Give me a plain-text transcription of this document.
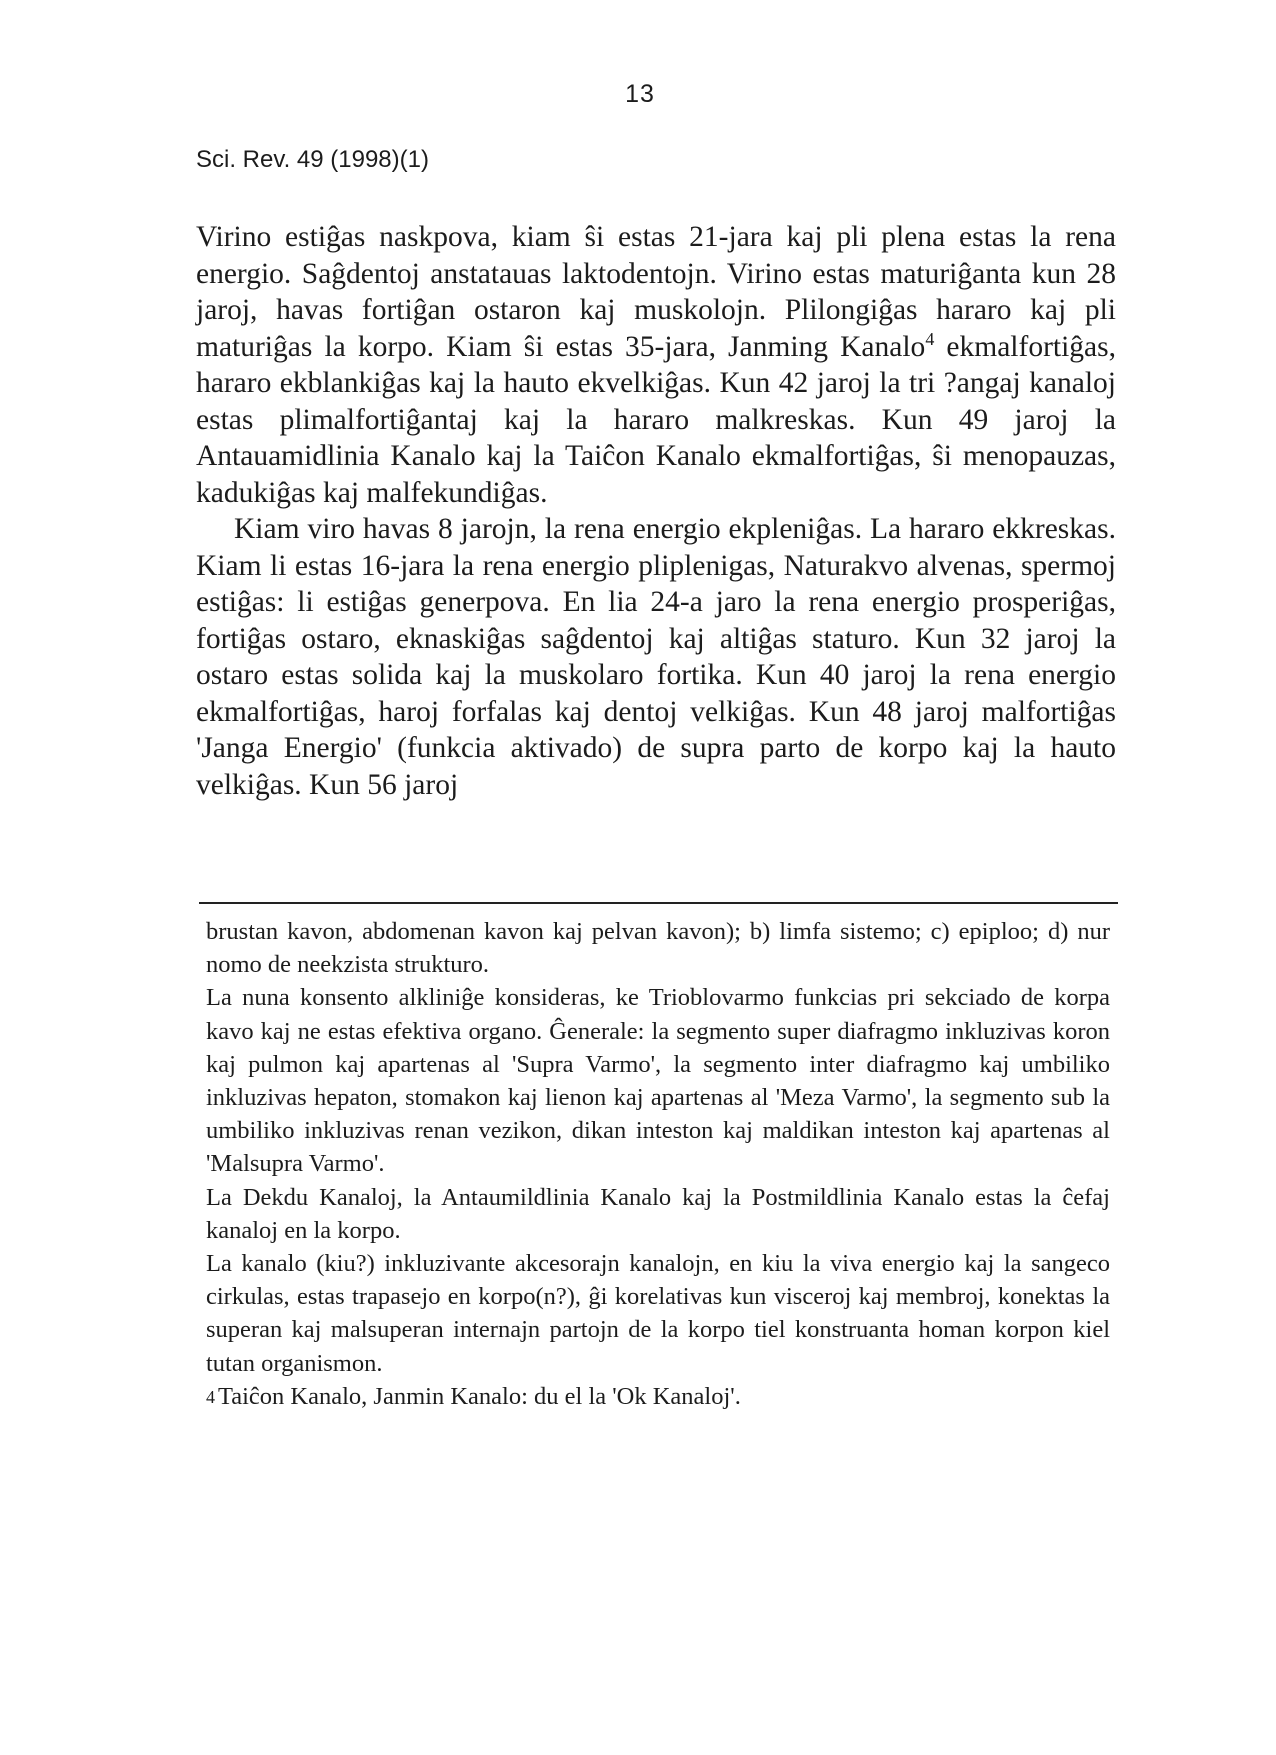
13
Sci. Rev. 49 (1998)(1)

Virino estiĝas naskpova, kiam ŝi estas 21-jara kaj pli plena estas la rena energio. Saĝdentoj anstatauas laktodentojn. Virino estas maturiĝanta kun 28 jaroj, havas fortiĝan ostaron kaj muskolojn. Plilongiĝas hararo kaj pli maturiĝas la korpo. Kiam ŝi estas 35-jara, Janming Kanalo$^4$ ekmalfortiĝas, hararo ekblankiĝas kaj la hauto ekvelkiĝas. Kun 42 jaroj la tri ?angaj kanaloj estas plimalfortiĝantaj kaj la hararo malkreskas. Kun 49 jaroj la Antauamidlinia Kanalo kaj la Taiĉon Kanalo ekmalfortiĝas, ŝi menopauzas, kadukiĝas kaj malfekundiĝas.

Kiam viro havas 8 jarojn, la rena energio ekpleniĝas. La hararo ekkreskas. Kiam li estas 16-jara la rena energio pliplenigas, Naturakvo alvenas, spermoj estiĝas: li estiĝas generpova. En lia 24-a jaro la rena energio prosperiĝas, fortiĝas ostaro, eknaskiĝas saĝdentoj kaj altiĝas staturo. Kun 32 jaroj la ostaro estas solida kaj la muskolaro fortika. Kun 40 jaroj la rena energio ekmalfortiĝas, haroj forfalas kaj dentoj velkiĝas. Kun 48 jaroj malfortiĝas 'Janga Energio' (funkcia aktivado) de supra parto de korpo kaj la hauto velkiĝas. Kun 56 jaroj

brustan kavon, abdomenan kavon kaj pelvan kavon); b) limfa sistemo; c) epiploo; d) nur nomo de neekzista strukturo.

La nuna konsento alkliniĝe konsideras, ke Trioblovarmo funkcias pri sekciado de korpa kavo kaj ne estas efektiva organo. Ĝenerale: la segmento super diafragmo inkluzivas koron kaj pulmon kaj apartenas al 'Supra Varmo', la segmento inter diafragmo kaj umbiliko inkluzivas hepaton, stomakon kaj lienon kaj apartenas al 'Meza Varmo', la segmento sub la umbiliko inkluzivas renan vezikon, dikan inteston kaj maldikan inteston kaj apartenas al 'Malsupra Varmo'.

La Dekdu Kanaloj, la Antaumildlinia Kanalo kaj la Postmildlinia Kanalo estas la ĉefaj kanaloj en la korpo.

La kanalo (kiu?) inkluzivante akcesorajn kanalojn, en kiu la viva energio kaj la sangeco cirkulas, estas trapasejo en korpo(n?), ĝi korelativas kun visceroj kaj membroj, konektas la superan kaj malsuperan internajn partojn de la korpo tiel konstruanta homan korpon kiel tutan organismon.

4 Taiĉon Kanalo, Janmin Kanalo: du el la 'Ok Kanaloj'.
